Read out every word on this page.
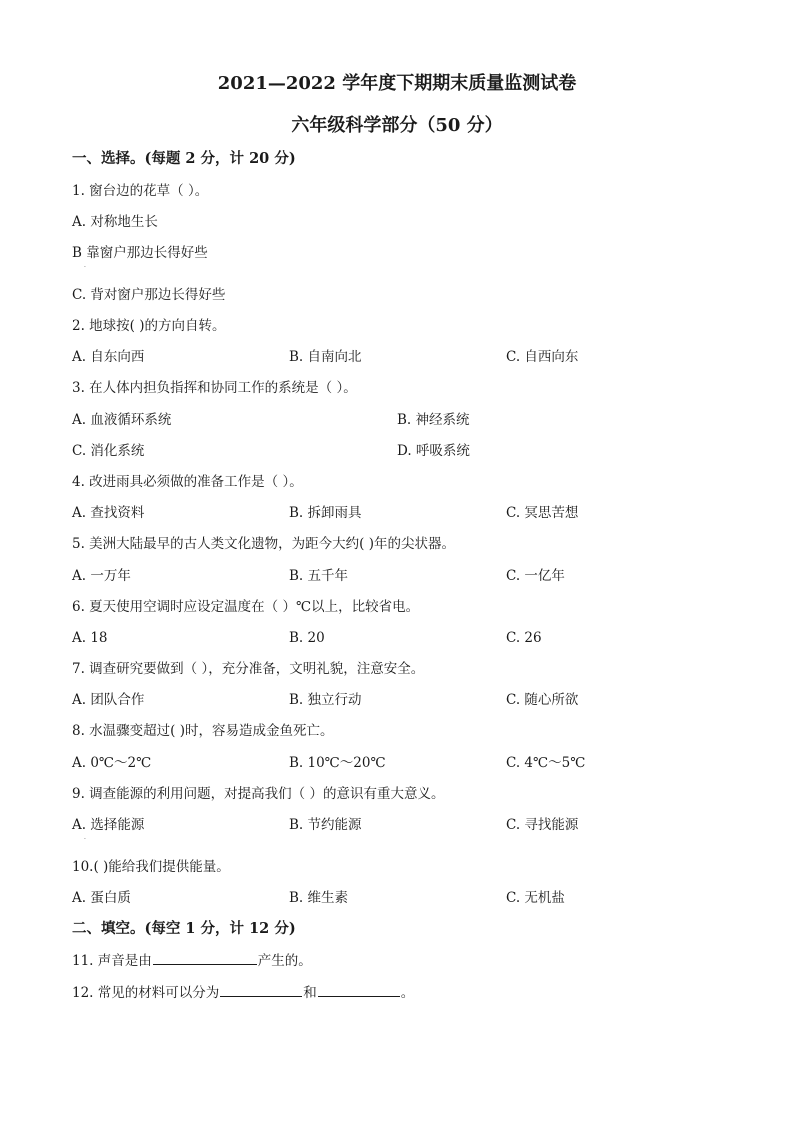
2021—2022 学年度下期期末质量监测试卷
六年级科学部分（50 分）
一、选择。(每题 2 分，计 20 分)
1. 窗台边的花草（ ）。
A. 对称地生长
B 靠窗户那边长得好些
·
C. 背对窗户那边长得好些
2. 地球按( )的方向自转。
A. 自东向西	B. 自南向北	C. 自西向东
3. 在人体内担负指挥和协同工作的系统是（ ）。
A. 血液循环系统	B. 神经系统
C. 消化系统	D. 呼吸系统
4. 改进雨具必须做的准备工作是（ ）。
A. 查找资料	B. 拆卸雨具	C. 冥思苦想
5. 美洲大陆最早的古人类文化遗物，为距今大约( )年的尖状器。
A. 一万年	B. 五千年	C. 一亿年
6. 夏天使用空调时应设定温度在（ ）℃以上，比较省电。
A. 18	B. 20	C. 26
7. 调查研究要做到（ ），充分准备，文明礼貌，注意安全。
A. 团队合作	B. 独立行动	C. 随心所欲
8. 水温骤变超过( )时，容易造成金鱼死亡。
A. 0℃～2℃	B. 10℃～20℃	C. 4℃～5℃
9. 调查能源的利用问题，对提高我们（ ）的意识有重大意义。
A. 选择能源	B. 节约能源	C. 寻找能源
·
10.( )能给我们提供能量。
A. 蛋白质	B. 维生素	C. 无机盐
二、填空。(每空 1 分，计 12 分)
11. 声音是由	产生的。
12. 常见的材料可以分为	和	。
